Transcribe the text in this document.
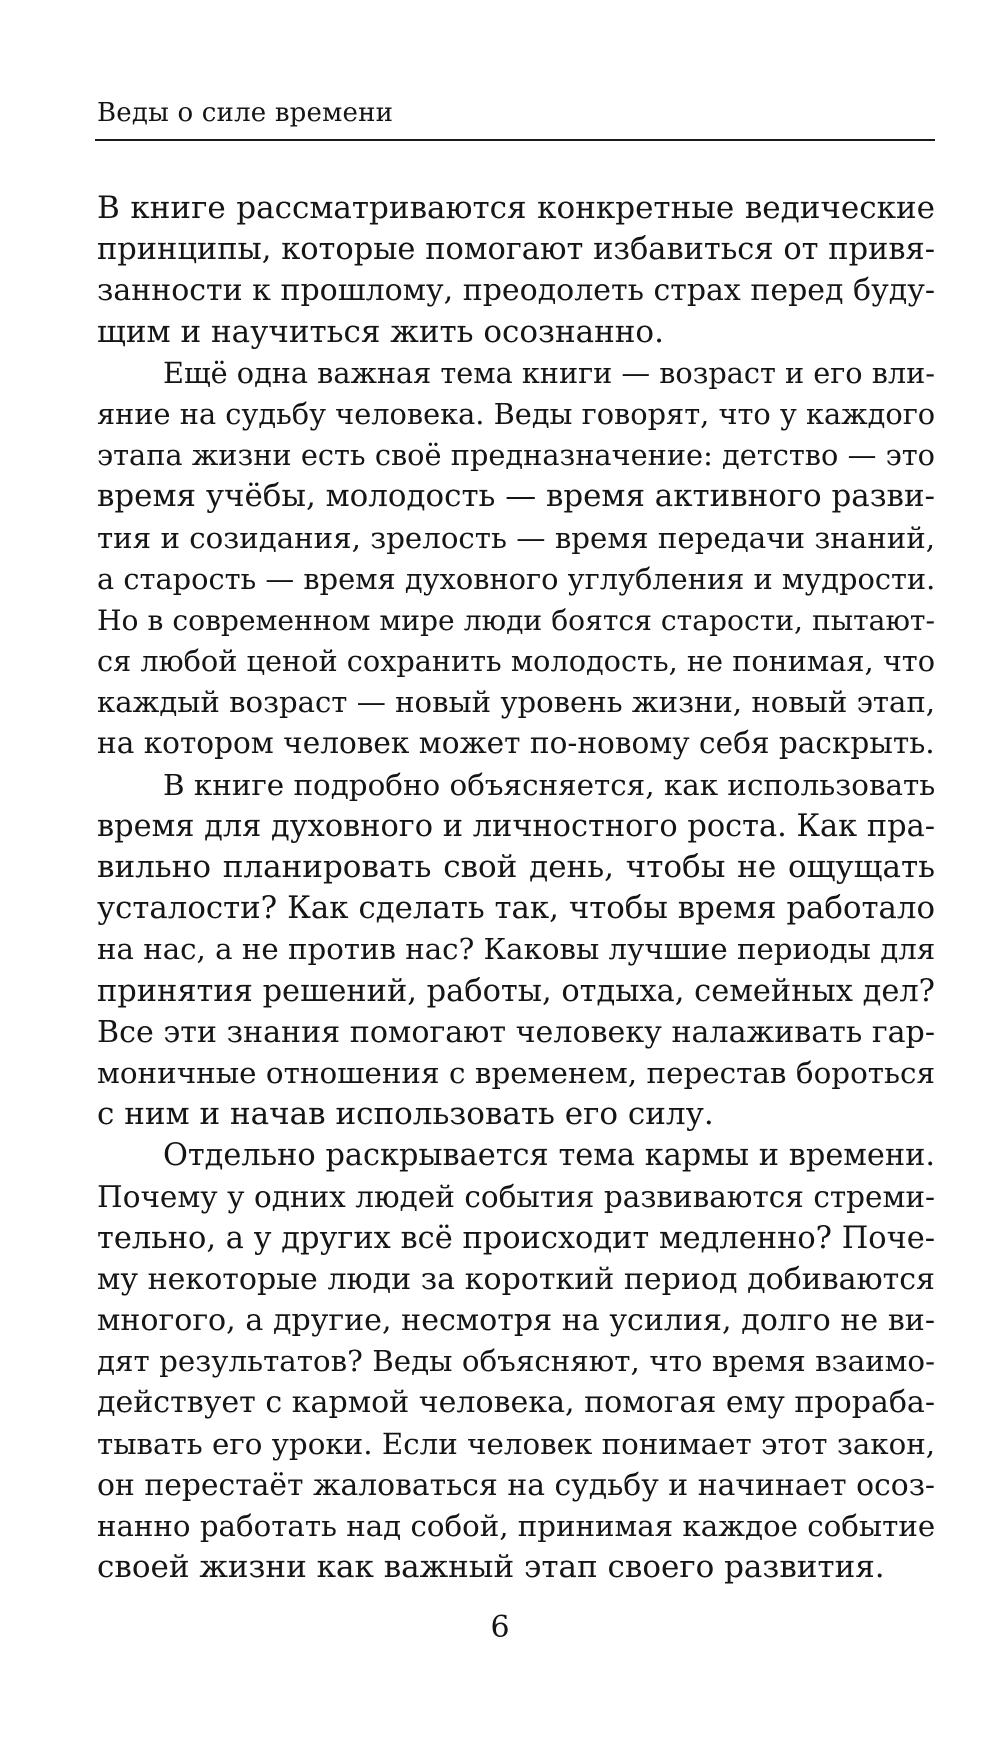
Веды о силе времени
В книге рассматриваются конкретные ведические
принципы, которые помогают избавиться от привя-
занности к прошлому, преодолеть страх перед буду-
щим и научиться жить осознанно.
Ещё одна важная тема книги — возраст и его вли-
яние на судьбу человека. Веды говорят, что у каждого
этапа жизни есть своё предназначение: детство — это
время учёбы, молодость — время активного разви-
тия и созидания, зрелость — время передачи знаний,
а старость — время духовного углубления и мудрости.
Но в современном мире люди боятся старости, пытают-
ся любой ценой сохранить молодость, не понимая, что
каждый возраст — новый уровень жизни, новый этап,
на котором человек может по-новому себя раскрыть.
В книге подробно объясняется, как использовать
время для духовного и личностного роста. Как пра-
вильно планировать свой день, чтобы не ощущать
усталости? Как сделать так, чтобы время работало
на нас, а не против нас? Каковы лучшие периоды для
принятия решений, работы, отдыха, семейных дел?
Все эти знания помогают человеку налаживать гар-
моничные отношения с временем, перестав бороться
с ним и начав использовать его силу.
Отдельно раскрывается тема кармы и времени.
Почему у одних людей события развиваются стреми-
тельно, а у других всё происходит медленно? Поче-
му некоторые люди за короткий период добиваются
многого, а другие, несмотря на усилия, долго не ви-
дят результатов? Веды объясняют, что время взаимо-
действует с кармой человека, помогая ему прораба-
тывать его уроки. Если человек понимает этот закон,
он перестаёт жаловаться на судьбу и начинает осоз-
нанно работать над собой, принимая каждое событие
своей жизни как важный этап своего развития.
6
